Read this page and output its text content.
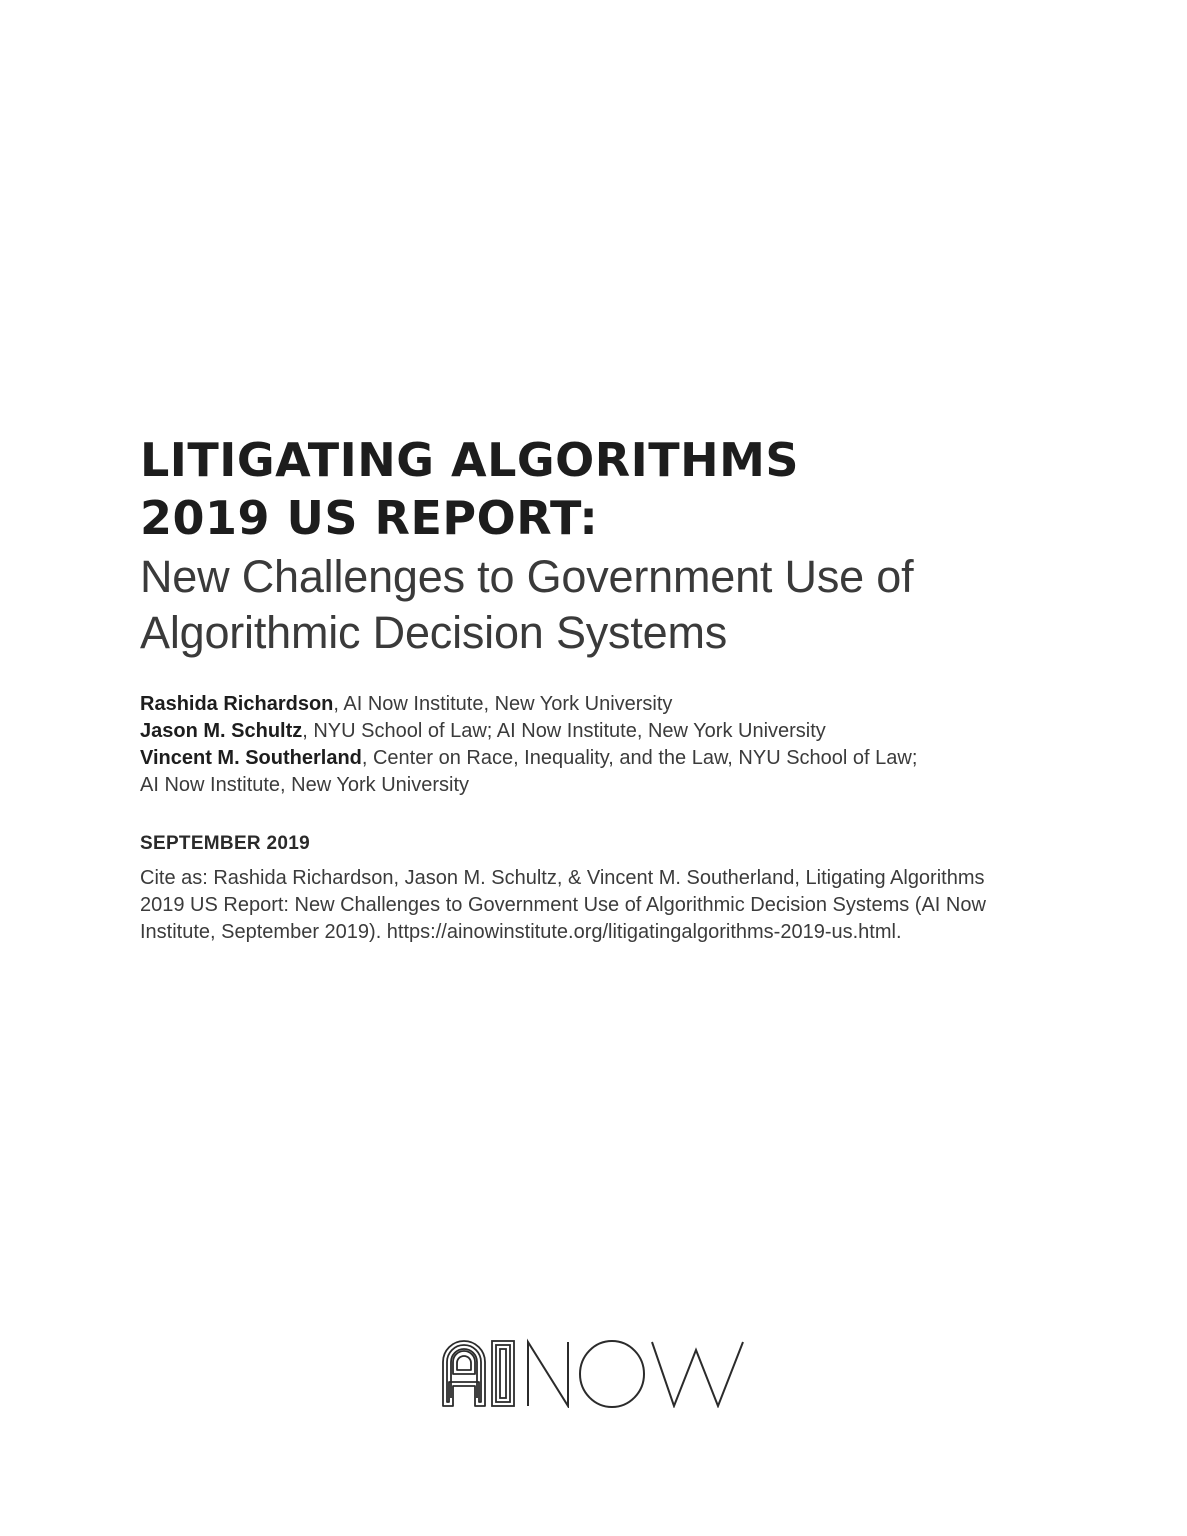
LITIGATING ALGORITHMS
2019 US REPORT:
New Challenges to Government Use of
Algorithmic Decision Systems
Rashida Richardson, AI Now Institute, New York University
Jason M. Schultz, NYU School of Law; AI Now Institute, New York University
Vincent M. Southerland, Center on Race, Inequality, and the Law, NYU School of Law;
AI Now Institute, New York University
SEPTEMBER 2019
Cite as: Rashida Richardson, Jason M. Schultz, & Vincent M. Southerland, Litigating Algorithms
2019 US Report: New Challenges to Government Use of Algorithmic Decision Systems (AI Now
Institute, September 2019). https://ainowinstitute.org/litigatingalgorithms-2019-us.html.
